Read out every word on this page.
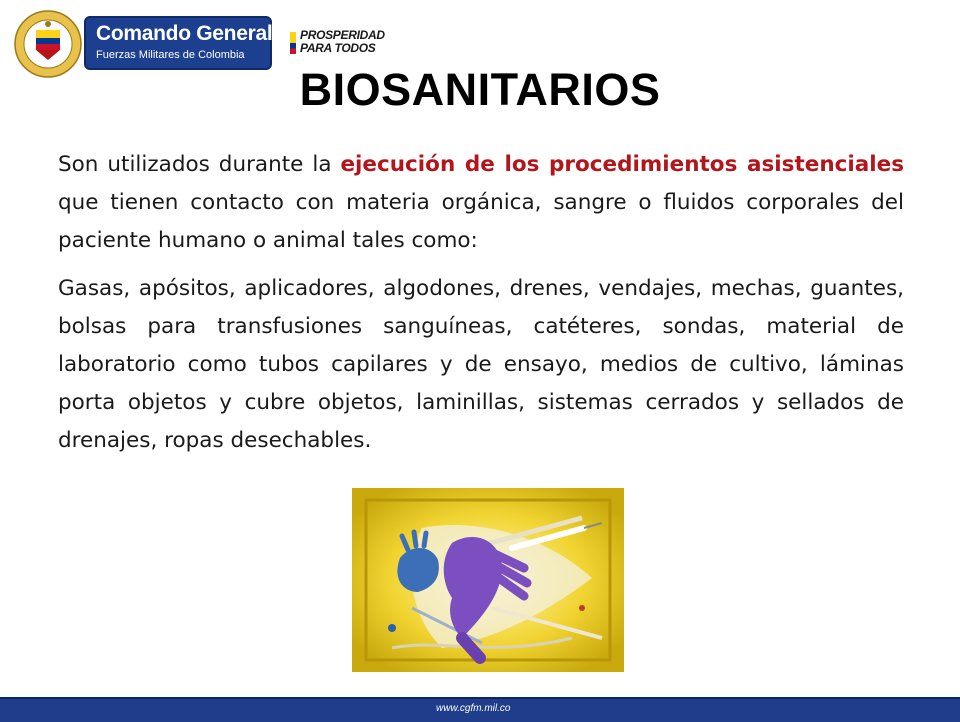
Comando General
Fuerzas Militares de Colombia
PROSPERIDAD
PARA TODOS
BIOSANITARIOS

Son utilizados durante la ejecución de los procedimientos asistenciales que tienen contacto con materia orgánica, sangre o fluidos corporales del paciente humano o animal tales como:

Gasas, apósitos, aplicadores, algodones, drenes, vendajes, mechas, guantes, bolsas para transfusiones sanguíneas, catéteres, sondas, material de laboratorio como tubos capilares y de ensayo, medios de cultivo, láminas porta objetos y cubre objetos, laminillas, sistemas cerrados y sellados de drenajes, ropas desechables.

www.cgfm.mil.co
